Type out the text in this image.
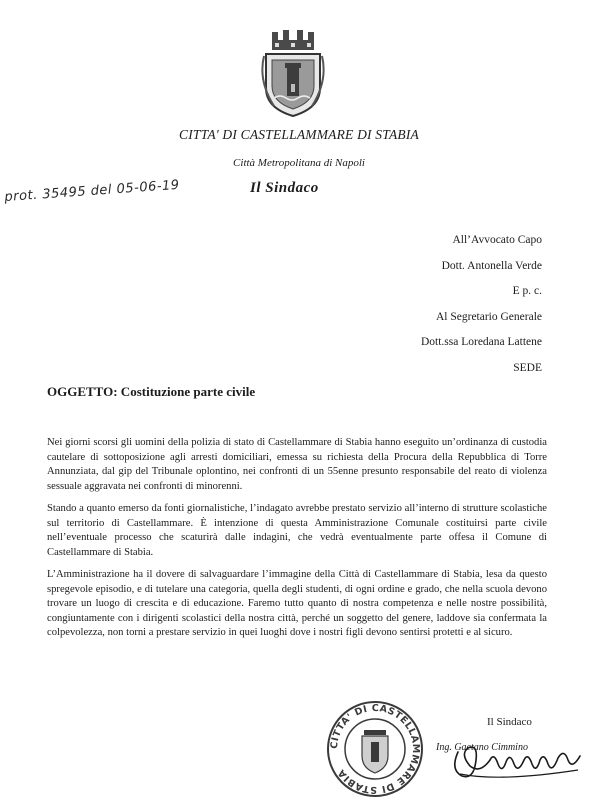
CITTA' DI CASTELLAMMARE DI STABIA
Città Metropolitana di Napoli
Il Sindaco
prot. 35495 del 05-06-19
All’Avvocato Capo
Dott. Antonella Verde
E p. c.
Al Segretario Generale
Dott.ssa Loredana Lattene
SEDE
OGGETTO: Costituzione parte civile

Nei giorni scorsi gli uomini della polizia di stato di Castellammare di Stabia hanno eseguito un’ordinanza di custodia cautelare di sottoposizione agli arresti domiciliari, emessa su richiesta della Procura della Repubblica di Torre Annunziata, dal gip del Tribunale oplontino, nei confronti di un 55enne presunto responsabile del reato di violenza sessuale aggravata nei confronti di minorenni.

Stando a quanto emerso da fonti giornalistiche, l’indagato avrebbe prestato servizio all’interno di strutture scolastiche sul territorio di Castellammare. È intenzione di questa Amministrazione Comunale costituirsi parte civile nell’eventuale processo che scaturirà dalle indagini, che vedrà eventualmente parte offesa il Comune di Castellammare di Stabia.

L’Amministrazione ha il dovere di salvaguardare l’immagine della Città di Castellammare di Stabia, lesa da questo spregevole episodio, e di tutelare una categoria, quella degli studenti, di ogni ordine e grado, che nella scuola devono trovare un luogo di crescita e di educazione. Faremo tutto quanto di nostra competenza e nelle nostre possibilità, congiuntamente con i dirigenti scolastici della nostra città, perché un soggetto del genere, laddove sia confermata la colpevolezza, non torni a prestare servizio in quei luoghi dove i nostri figli devono sentirsi protetti e al sicuro.

CITTA' DI CASTELLAMMARE DI STABIA
Il Sindaco
Ing. Gaetano Cimmino
